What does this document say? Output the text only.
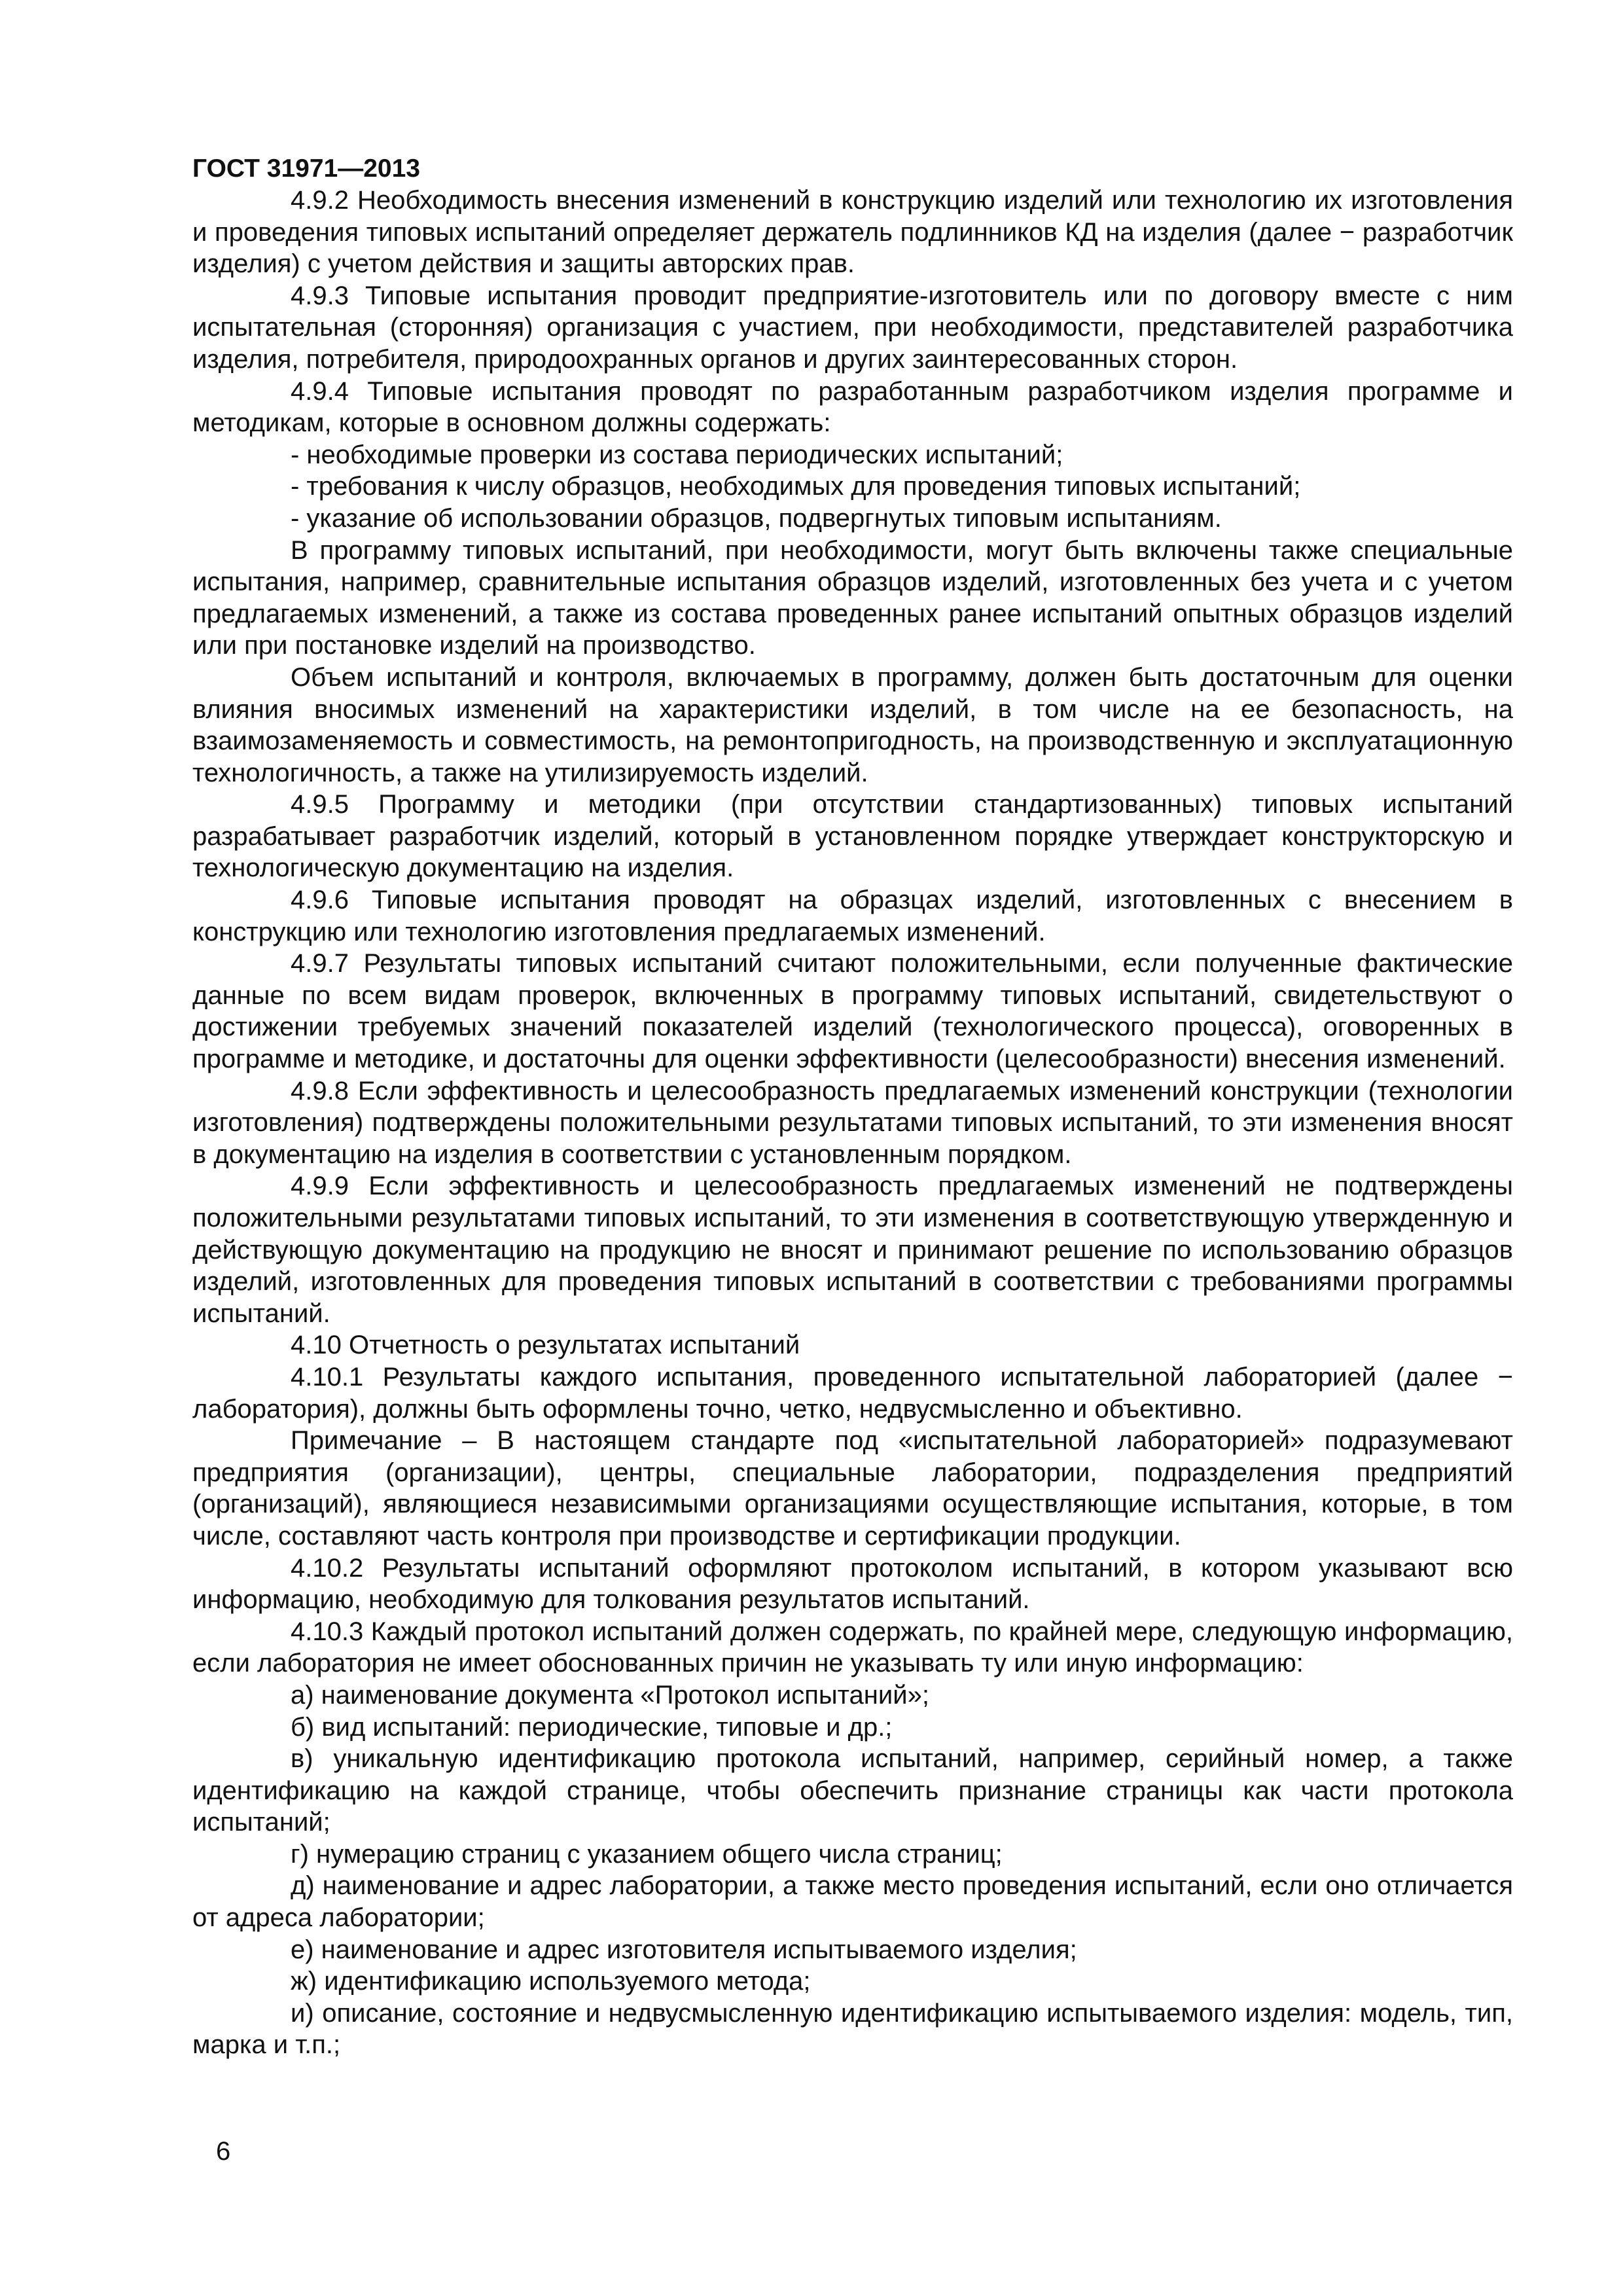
ГОСТ 31971—2013

4.9.2 Необходимость внесения изменений в конструкцию изделий или технологию их изготовления и проведения типовых испытаний определяет держатель подлинников КД на изделия (далее − разработчик изделия) с учетом действия и защиты авторских прав.

4.9.3 Типовые испытания проводит предприятие-изготовитель или по договору вместе с ним испытательная (сторонняя) организация с участием, при необходимости, представителей разработчика изделия, потребителя, природоохранных органов и других заинтересованных сторон.

4.9.4 Типовые испытания проводят по разработанным разработчиком изделия программе и методикам, которые в основном должны содержать:

- необходимые проверки из состава периодических испытаний;

- требования к числу образцов, необходимых для проведения типовых испытаний;

- указание об использовании образцов, подвергнутых типовым испытаниям.

В программу типовых испытаний, при необходимости, могут быть включены также специальные испытания, например, сравнительные испытания образцов изделий, изготовленных без учета и с учетом предлагаемых изменений, а также из состава проведенных ранее испытаний опытных образцов изделий или при постановке изделий на производство.

Объем испытаний и контроля, включаемых в программу, должен быть достаточным для оценки влияния вносимых изменений на характеристики изделий, в том числе на ее безопасность, на взаимозаменяемость и совместимость, на ремонтопригодность, на производственную и эксплуатационную технологичность, а также на утилизируемость изделий.

4.9.5 Программу и методики (при отсутствии стандартизованных) типовых испытаний разрабатывает разработчик изделий, который в установленном порядке утверждает конструкторскую и технологическую документацию на изделия.

4.9.6 Типовые испытания проводят на образцах изделий, изготовленных с внесением в конструкцию или технологию изготовления предлагаемых изменений.

4.9.7 Результаты типовых испытаний считают положительными, если полученные фактические данные по всем видам проверок, включенных в программу типовых испытаний, свидетельствуют о достижении требуемых значений показателей изделий (технологического процесса), оговоренных в программе и методике, и достаточны для оценки эффективности (целесообразности) внесения изменений.

4.9.8 Если эффективность и целесообразность предлагаемых изменений конструкции (технологии изготовления) подтверждены положительными результатами типовых испытаний, то эти изменения вносят в документацию на изделия в соответствии с установленным порядком.

4.9.9 Если эффективность и целесообразность предлагаемых изменений не подтверждены положительными результатами типовых испытаний, то эти изменения в соответствующую утвержденную и действующую документацию на продукцию не вносят и принимают решение по использованию образцов изделий, изготовленных для проведения типовых испытаний в соответствии с требованиями программы испытаний.

4.10 Отчетность о результатах испытаний

4.10.1 Результаты каждого испытания, проведенного испытательной лабораторией (далее − лаборатория), должны быть оформлены точно, четко, недвусмысленно и объективно.

Примечание – В настоящем стандарте под «испытательной лабораторией» подразумевают предприятия (организации), центры, специальные лаборатории, подразделения предприятий (организаций), являющиеся независимыми организациями осуществляющие испытания, которые, в том числе, составляют часть контроля при производстве и сертификации продукции.

4.10.2 Результаты испытаний оформляют протоколом испытаний, в котором указывают всю информацию, необходимую для толкования результатов испытаний.

4.10.3 Каждый протокол испытаний должен содержать, по крайней мере, следующую информацию, если лаборатория не имеет обоснованных причин не указывать ту или иную информацию:

а) наименование документа «Протокол испытаний»;

б) вид испытаний: периодические, типовые и др.;

в) уникальную идентификацию протокола испытаний, например, серийный номер, а также идентификацию на каждой странице, чтобы обеспечить признание страницы как части протокола испытаний;

г) нумерацию страниц с указанием общего числа страниц;

д) наименование и адрес лаборатории, а также место проведения испытаний, если оно отличается от адреса лаборатории;

е) наименование и адрес изготовителя испытываемого изделия;

ж) идентификацию используемого метода;

и) описание, состояние и недвусмысленную идентификацию испытываемого изделия: модель, тип, марка и т.п.;

6
